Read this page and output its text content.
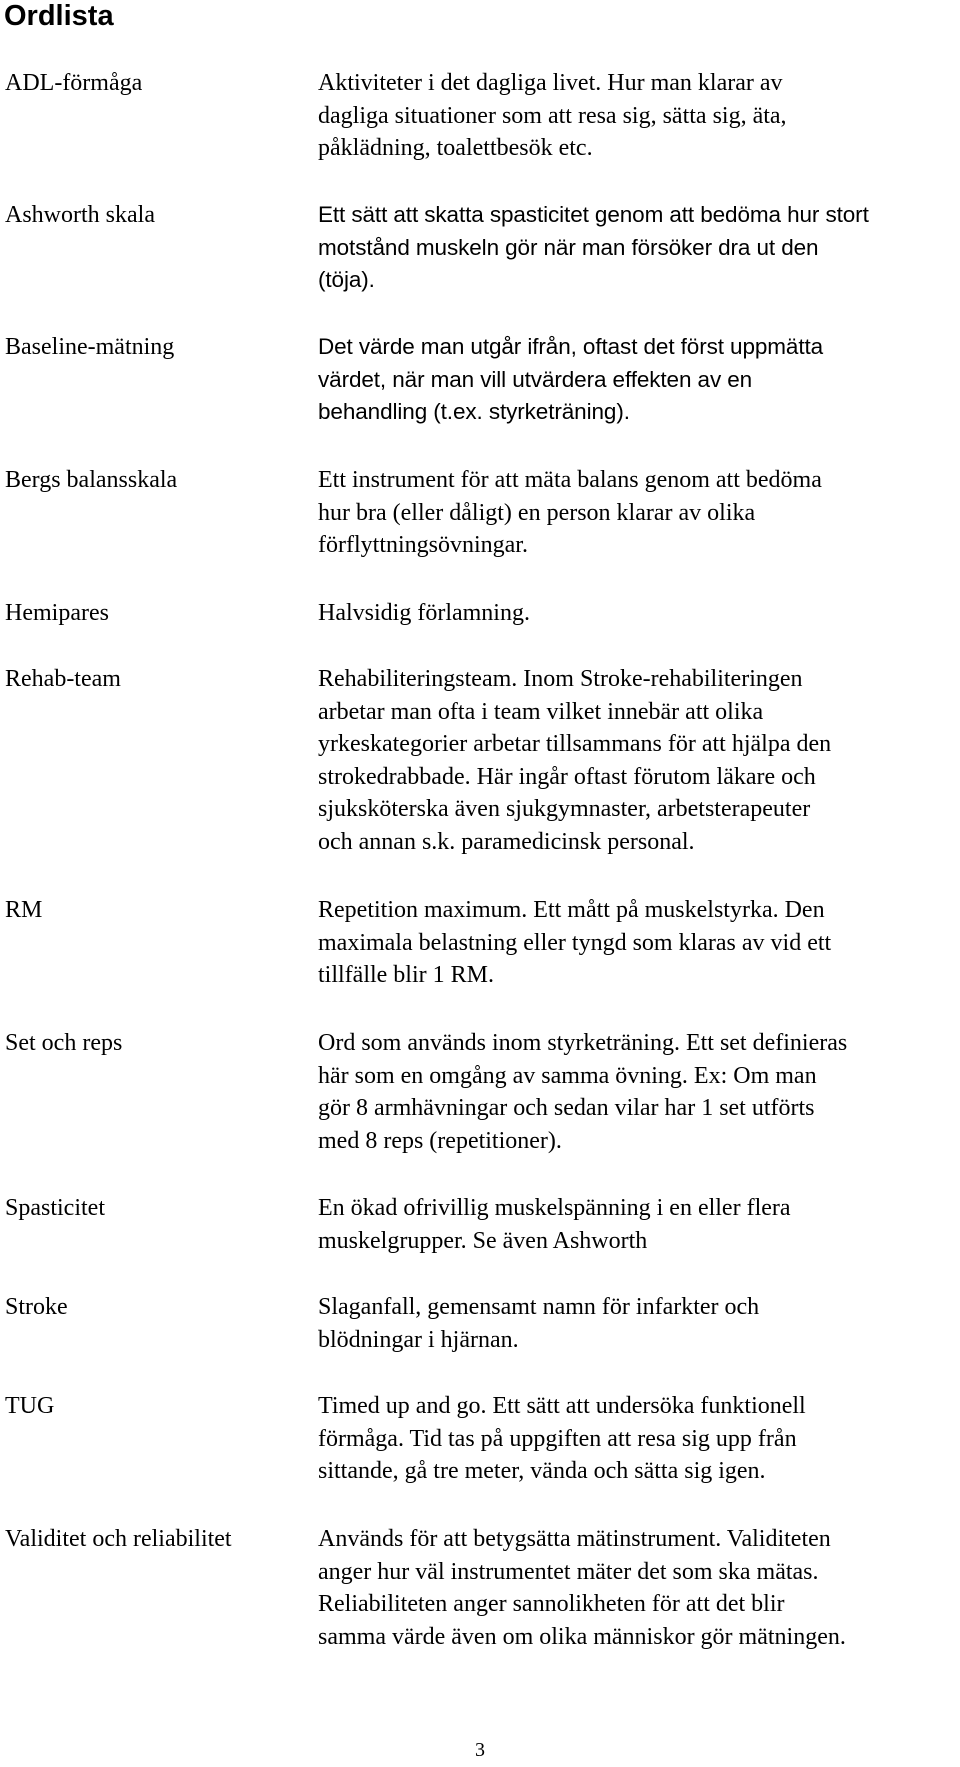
Ordlista
ADL-förmåga	Aktiviteter i det dagliga livet. Hur man klarar av
dagliga situationer som att resa sig, sätta sig, äta,
påklädning, toalettbesök etc.
Ashworth skala	Ett sätt att skatta spasticitet genom att bedöma hur stort
motstånd muskeln gör när man försöker dra ut den
(töja).
Baseline-mätning	Det värde man utgår ifrån, oftast det först uppmätta
värdet, när man vill utvärdera effekten av en
behandling (t.ex. styrketräning).
Bergs balansskala	Ett instrument för att mäta balans genom att bedöma
hur bra (eller dåligt) en person klarar av olika
förflyttningsövningar.
Hemipares	Halvsidig förlamning.
Rehab-team	Rehabiliteringsteam. Inom Stroke-rehabiliteringen
arbetar man ofta i team vilket innebär att olika
yrkeskategorier arbetar tillsammans för att hjälpa den
strokedrabbade. Här ingår oftast förutom läkare och
sjuksköterska även sjukgymnaster, arbetsterapeuter
och annan s.k. paramedicinsk personal.
RM	Repetition maximum. Ett mått på muskelstyrka. Den
maximala belastning eller tyngd som klaras av vid ett
tillfälle blir 1 RM.
Set och reps	Ord som används inom styrketräning. Ett set definieras
här som en omgång av samma övning. Ex: Om man
gör 8 armhävningar och sedan vilar har 1 set utförts
med 8 reps (repetitioner).
Spasticitet	En ökad ofrivillig muskelspänning i en eller flera
muskelgrupper. Se även Ashworth
Stroke	Slaganfall, gemensamt namn för infarkter och
blödningar i hjärnan.
TUG	Timed up and go. Ett sätt att undersöka funktionell
förmåga. Tid tas på uppgiften att resa sig upp från
sittande, gå tre meter, vända och sätta sig igen.
Validitet och reliabilitet	Används för att betygsätta mätinstrument. Validiteten
anger hur väl instrumentet mäter det som ska mätas.
Reliabiliteten anger sannolikheten för att det blir
samma värde även om olika människor gör mätningen.
3
